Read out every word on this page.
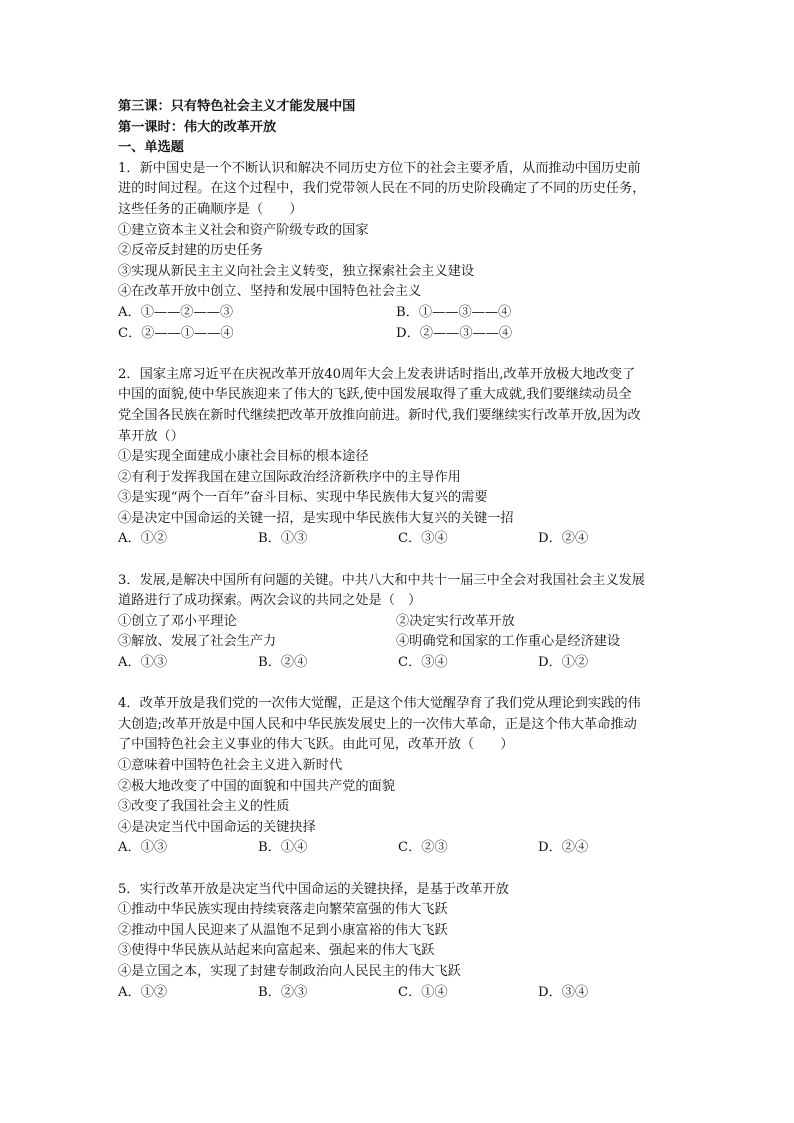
第三课：只有特色社会主义才能发展中国
第一课时：伟大的改革开放
一、单选题
1．新中国史是一个不断认识和解决不同历史方位下的社会主要矛盾，从而推动中国历史前
进的时间过程。在这个过程中，我们党带领人民在不同的历史阶段确定了不同的历史任务，
这些任务的正确顺序是（　　）
①建立资本主义社会和资产阶级专政的国家
②反帝反封建的历史任务
③实现从新民主主义向社会主义转变，独立探索社会主义建设
④在改革开放中创立、坚持和发展中国特色社会主义
A．①——②——③	B．①——③——④
C．②——①——④	D．②——③——④
2．国家主席习近平在庆祝改革开放40周年大会上发表讲话时指出,改革开放极大地改变了
中国的面貌,使中华民族迎来了伟大的飞跃,使中国发展取得了重大成就,我们要继续动员全
党全国各民族在新时代继续把改革开放推向前进。新时代,我们要继续实行改革开放,因为改
革开放（）
①是实现全面建成小康社会目标的根本途径
②有利于发挥我国在建立国际政治经济新秩序中的主导作用
③是实现“两个一百年”奋斗目标、实现中华民族伟大复兴的需要
④是决定中国命运的关键一招，是实现中华民族伟大复兴的关键一招
A．①②	B．①③	C．③④	D．②④
3．发展,是解决中国所有问题的关键。中共八大和中共十一届三中全会对我国社会主义发展
道路进行了成功探索。两次会议的共同之处是（　）
①创立了邓小平理论	②决定实行改革开放
③解放、发展了社会生产力	④明确党和国家的工作重心是经济建设
A．①③	B．②④	C．③④	D．①②
4．改革开放是我们党的一次伟大觉醒，正是这个伟大觉醒孕育了我们党从理论到实践的伟
大创造;改革开放是中国人民和中华民族发展史上的一次伟大革命，正是这个伟大革命推动
了中国特色社会主义事业的伟大飞跃。由此可见，改革开放（　　）
①意味着中国特色社会主义进入新时代
②极大地改变了中国的面貌和中国共产党的面貌
③改变了我国社会主义的性质
④是决定当代中国命运的关键抉择
A．①③	B．①④	C．②③	D．②④
5．实行改革开放是决定当代中国命运的关键抉择，是基于改革开放
①推动中华民族实现由持续衰落走向繁荣富强的伟大飞跃
②推动中国人民迎来了从温饱不足到小康富裕的伟大飞跃
③使得中华民族从站起来向富起来、强起来的伟大飞跃
④是立国之本，实现了封建专制政治向人民民主的伟大飞跃
A．①②	B．②③	C．①④	D．③④
